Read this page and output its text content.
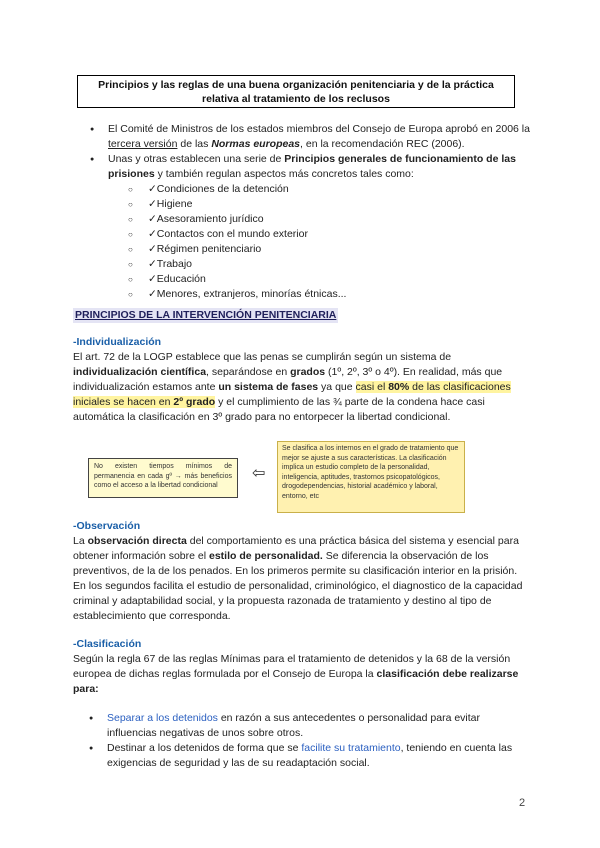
Principios y las reglas de una buena organización penitenciaria y de la práctica
relativa al tratamiento de los reclusos
● El Comité de Ministros de los estados miembros del Consejo de Europa aprobó en 2006 la tercera versión de las Normas europeas, en la recomendación REC (2006).
● Unas y otras establecen una serie de Principios generales de funcionamiento de las prisiones y también regulan aspectos más concretos tales como:
○ ✓Condiciones de la detención
○ ✓Higiene
○ ✓Asesoramiento jurídico
○ ✓Contactos con el mundo exterior
○ ✓Régimen penitenciario
○ ✓Trabajo
○ ✓Educación
○ ✓Menores, extranjeros, minorías étnicas...
PRINCIPIOS DE LA INTERVENCIÓN PENITENCIARIA
-Individualización
El art. 72 de la LOGP establece que las penas se cumplirán según un sistema de individualización científica, separándose en grados (1º, 2º, 3º o 4º). En realidad, más que individualización estamos ante un sistema de fases ya que casi el 80% de las clasificaciones iniciales se hacen en 2º grado y el cumplimiento de las ¾ parte de la condena hace casi automática la clasificación en 3º grado para no entorpecer la libertad condicional.
No existen tiempos mínimos de permanencia en cada gº → más beneficios como el acceso a la libertad condicional
⇦
Se clasifica a los internos en el grado de tratamiento que mejor se ajuste a sus características. La clasificación implica un estudio completo de la personalidad, inteligencia, aptitudes, trastornos psicopatológicos, drogodependencias, historial académico y laboral, entorno, etc
-Observación
La observación directa del comportamiento es una práctica básica del sistema y esencial para obtener información sobre el estilo de personalidad. Se diferencia la observación de los preventivos, de la de los penados. En los primeros permite su clasificación interior en la prisión. En los segundos facilita el estudio de personalidad, criminológico, el diagnostico de la capacidad criminal y adaptabilidad social, y la propuesta razonada de tratamiento y destino al tipo de establecimiento que corresponda.
-Clasificación
Según la regla 67 de las reglas Mínimas para el tratamiento de detenidos y la 68 de la versión europea de dichas reglas formulada por el Consejo de Europa la clasificación debe realizarse para:
● Separar a los detenidos en razón a sus antecedentes o personalidad para evitar influencias negativas de unos sobre otros.
● Destinar a los detenidos de forma que se facilite su tratamiento, teniendo en cuenta las exigencias de seguridad y las de su readaptación social.
2
